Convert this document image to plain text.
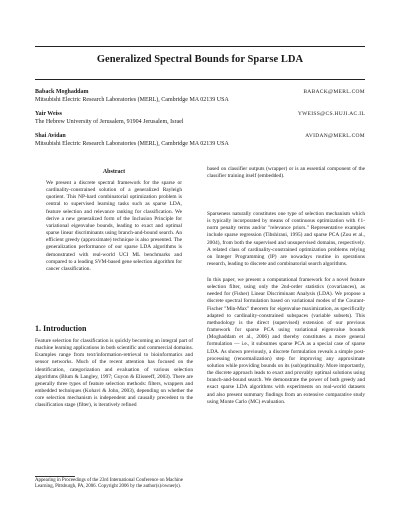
Generalized Spectral Bounds for Sparse LDA
Baback Moghaddam	BABACK@MERL.COM
Mitsubishi Electric Research Laboratories (MERL), Cambridge MA 02139 USA
Yair Weiss	YWEISS@CS.HUJI.AC.IL
The Hebrew University of Jerusalem, 91904 Jerusalem, Israel
Shai Avidan	AVIDAN@MERL.COM
Mitsubishi Electric Research Laboratories (MERL), Cambridge MA 02139 USA
Abstract
We present a discrete spectral framework for the sparse or cardinality-constrained solution of a generalized Rayleigh quotient. This NP-hard combinatorial optimization problem is central to supervised learning tasks such as sparse LDA, feature selection and relevance ranking for classification. We derive a new generalized form of the Inclusion Principle for variational eigenvalue bounds, leading to exact and optimal sparse linear discriminants using branch-and-bound search. An efficient greedy (approximate) technique is also presented. The generalization performance of our sparse LDA algorithms is demonstrated with real-world UCI ML benchmarks and compared to a leading SVM-based gene selection algorithm for cancer classification.
1. Introduction
Feature selection for classification is quickly becoming an integral part of machine learning applications in both scientific and commercial domains. Examples range from text/information-retrieval to bioinformatics and sensor networks. Much of the recent attention has focused on the identification, categorization and evaluation of various selection algorithms (Blum & Langley, 1997; Guyon & Elisseeff, 2003). There are generally three types of feature selection methods: filters, wrappers and embedded techniques (Kohavi & John, 2003), depending on whether the core selection mechanism is independent and causally precedent to the classification stage (filter), is iteratively refined
Appearing in Proceedings of the 23rd International Conference on Machine Learning, Pittsburgh, PA, 2006. Copyright 2006 by the author(s)/owner(s).
based on classifier outputs (wrapper) or is an essential component of the classifier training itself (embedded).
Sparseness naturally constitutes one type of selection mechanism which is typically incorporated by means of continuous optimization with ℓ1-norm penalty terms and/or "relevance priors." Representative examples include sparse regression (Tibshirani, 1995) and sparse PCA (Zou et al., 2004), from both the supervised and unsupervised domains, respectively. A related class of cardinality-constrained optimization problems relying on Integer Programming (IP) are nowadays routine in operations research, leading to discrete and combinatorial search algorithms.
In this paper, we present a computational framework for a novel feature selection filter, using only the 2nd-order statistics (covariances), as needed for (Fisher) Linear Discriminant Analysis (LDA). We propose a discrete spectral formulation based on variational modes of the Courant-Fischer "Min-Max" theorem for eigenvalue maximization, as specifically adapted to cardinality-constrained subspaces (variable subsets). This methodology is the direct (supervised) extension of our previous framework for sparse PCA using variational eigenvalue bounds (Moghaddam et al., 2006) and thereby constitutes a more general formulation — i.e., it subsumes sparse PCA as a special case of sparse LDA. As shown previously, a discrete formulation reveals a simple post-processing (renormalization) step for improving any approximate solution while providing bounds on its (sub)optimality. More importantly, the discrete approach leads to exact and provably optimal solutions using branch-and-bound search. We demonstrate the power of both greedy and exact sparse LDA algorithms with experiments on real-world datasets and also present summary findings from an extensive comparative study using Monte Carlo (MC) evaluation.
